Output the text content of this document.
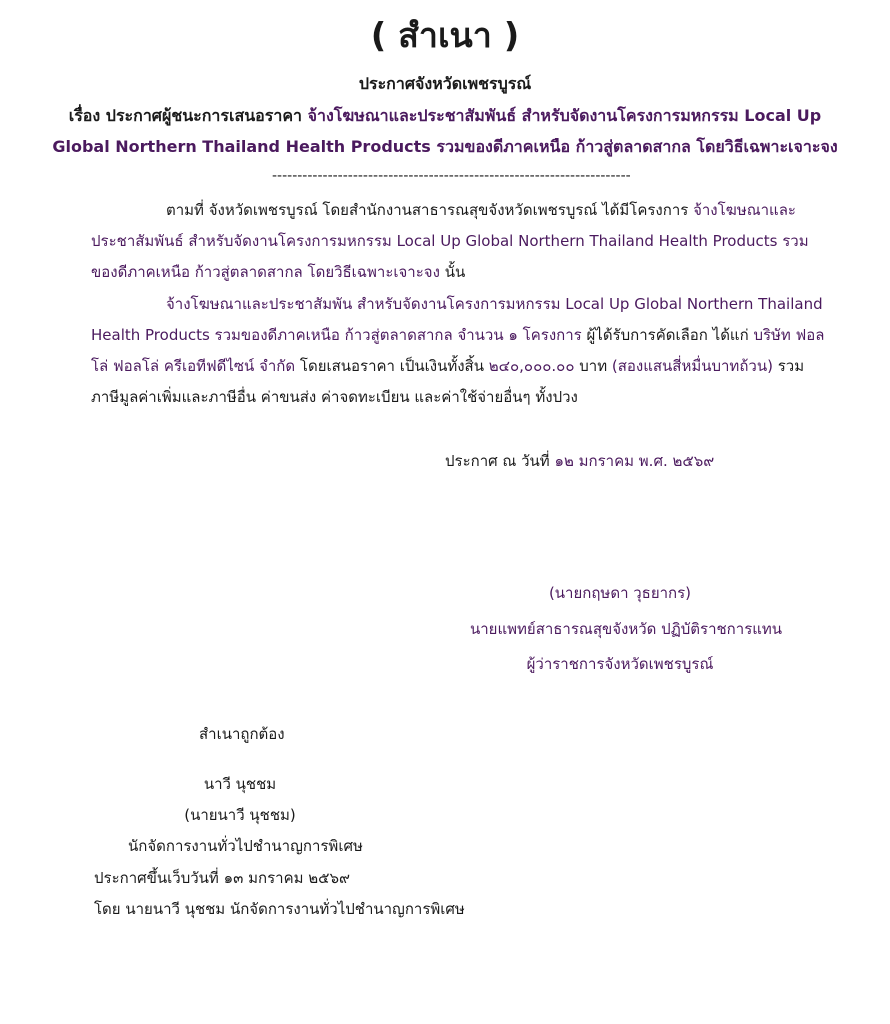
( สำเนา )
ประกาศจังหวัดเพชรบูรณ์
เรื่อง ประกาศผู้ชนะการเสนอราคา จ้างโฆษณาและประชาสัมพันธ์ สำหรับจัดงานโครงการมหกรรม Local Up
Global Northern Thailand Health Products รวมของดีภาคเหนือ ก้าวสู่ตลาดสากล โดยวิธีเฉพาะเจาะจง
-----------------------------------------------------------------------
ตามที่ จังหวัดเพชรบูรณ์ โดยสำนักงานสาธารณสุขจังหวัดเพชรบูรณ์ ได้มีโครงการ จ้างโฆษณาและ
ประชาสัมพันธ์ สำหรับจัดงานโครงการมหกรรม Local Up Global Northern Thailand Health Products รวม
ของดีภาคเหนือ ก้าวสู่ตลาดสากล โดยวิธีเฉพาะเจาะจง นั้น
จ้างโฆษณาและประชาสัมพัน สำหรับจัดงานโครงการมหกรรม Local Up Global Northern Thailand
Health Products รวมของดีภาคเหนือ ก้าวสู่ตลาดสากล จำนวน ๑ โครงการ ผู้ได้รับการคัดเลือก ได้แก่ บริษัท ฟอล
โล่ ฟอลโล่ ครีเอทีฟดีไซน์ จำกัด โดยเสนอราคา เป็นเงินทั้งสิ้น ๒๔๐,๐๐๐.๐๐ บาท (สองแสนสี่หมื่นบาทถ้วน) รวม
ภาษีมูลค่าเพิ่มและภาษีอื่น ค่าขนส่ง ค่าจดทะเบียน และค่าใช้จ่ายอื่นๆ ทั้งปวง
ประกาศ ณ วันที่ ๑๒ มกราคม พ.ศ. ๒๕๖๙
(นายกฤษดา วุธยากร)
นายแพทย์สาธารณสุขจังหวัด ปฏิบัติราชการแทน
ผู้ว่าราชการจังหวัดเพชรบูรณ์
สำเนาถูกต้อง
นาวี นุชชม
(นายนาวี นุชชม)
นักจัดการงานทั่วไปชำนาญการพิเศษ
ประกาศขึ้นเว็บวันที่ ๑๓ มกราคม ๒๕๖๙
โดย นายนาวี นุชชม นักจัดการงานทั่วไปชำนาญการพิเศษ
